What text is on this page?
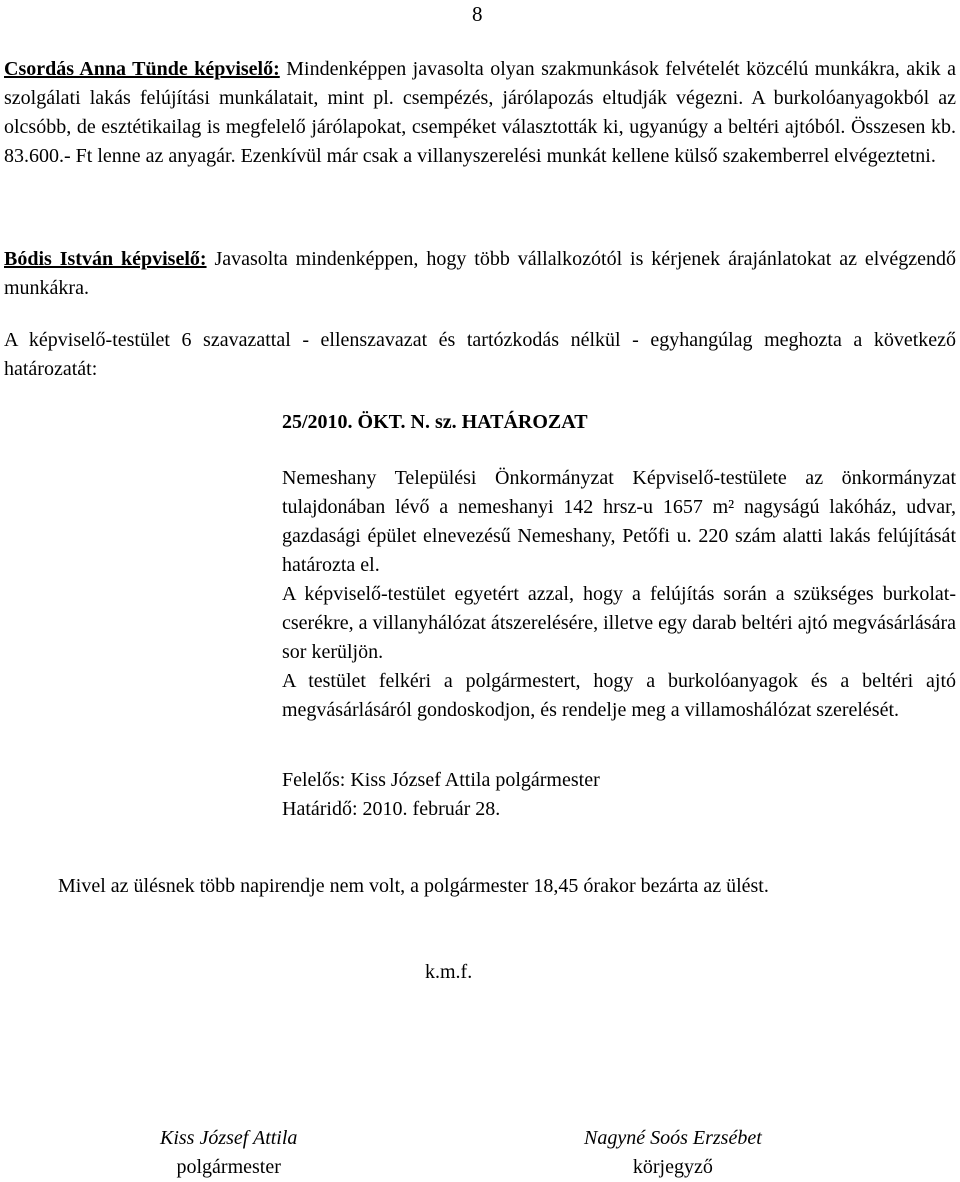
8

Csordás Anna Tünde képviselő: Mindenképpen javasolta olyan szakmunkások felvételét közcélú munkákra, akik a szolgálati lakás felújítási munkálatait, mint pl. csempézés, járólapozás eltudják végezni. A burkolóanyagokból az olcsóbb, de esztétikailag is megfelelő járólapokat, csempéket választották ki, ugyanúgy a beltéri ajtóból. Összesen kb. 83.600.- Ft lenne az anyagár. Ezenkívül már csak a villanyszerelési munkát kellene külső szakemberrel elvégeztetni.

Bódis István képviselő: Javasolta mindenképpen, hogy több vállalkozótól is kérjenek árajánlatokat az elvégzendő munkákra.

A képviselő-testület 6 szavazattal - ellenszavazat és tartózkodás nélkül - egyhangúlag meghozta a következő határozatát:

25/2010. ÖKT. N. sz. HATÁROZAT

Nemeshany Települési Önkormányzat Képviselő-testülete az önkormányzat tulajdonában lévő a nemeshanyi 142 hrsz-u 1657 m² nagyságú lakóház, udvar, gazdasági épület elnevezésű Nemeshany, Petőfi u. 220 szám alatti lakás felújítását határozta el.
A képviselő-testület egyetért azzal, hogy a felújítás során a szükséges burkolat-cserékre, a villanyhálózat átszerelésére, illetve egy darab beltéri ajtó megvásárlására sor kerüljön.
A testület felkéri a polgármestert, hogy a burkolóanyagok és a beltéri ajtó megvásárlásáról gondoskodjon, és rendelje meg a villamoshálózat szerelését.

Felelős: Kiss József Attila polgármester

Határidő: 2010. február 28.

Mivel az ülésnek több napirendje nem volt, a polgármester 18,45 órakor bezárta az ülést.
k.m.f.
Kiss József Attila
polgármester
Nagyné Soós Erzsébet
körjegyző
